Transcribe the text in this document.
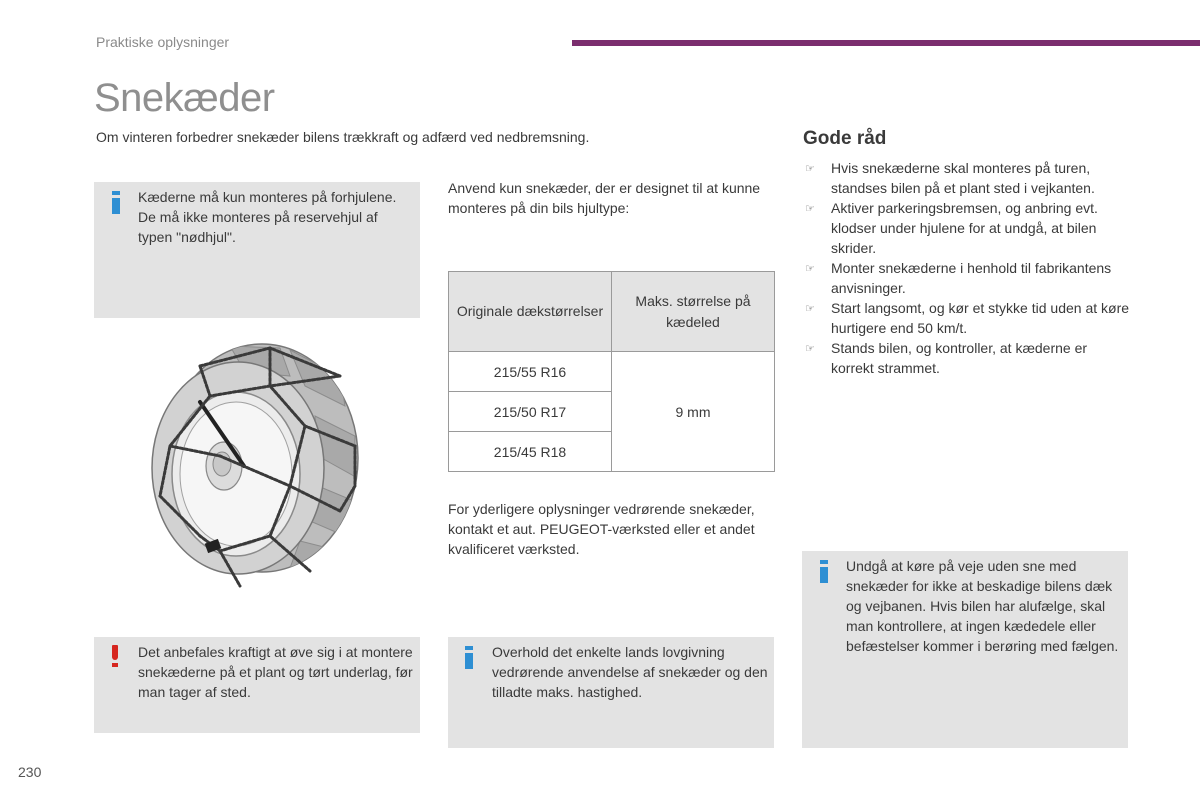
Praktiske oplysninger
Snekæder
Om vinteren forbedrer snekæder bilens trækkraft og adfærd ved nedbremsning.
Kæderne må kun monteres på forhjulene. De må ikke monteres på reservehjul af typen "nødhjul".
Det anbefales kraftigt at øve sig i at montere snekæderne på et plant og tørt underlag, før man tager af sted.
Anvend kun snekæder, der er designet til at kunne monteres på din bils hjultype:
Originale dækstørrelser	Maks. størrelse på kædeled
215/55 R16	9 mm
215/50 R17	
215/45 R18	
For yderligere oplysninger vedrørende snekæder, kontakt et aut. PEUGEOT-værksted eller et andet kvalificeret værksted.
Overhold det enkelte lands lovgivning vedrørende anvendelse af snekæder og den tilladte maks. hastighed.
Gode råd
☞ Hvis snekæderne skal monteres på turen, standses bilen på et plant sted i vejkanten.
☞ Aktiver parkeringsbremsen, og anbring evt. klodser under hjulene for at undgå, at bilen skrider.
☞ Monter snekæderne i henhold til fabrikantens anvisninger.
☞ Start langsomt, og kør et stykke tid uden at køre hurtigere end 50 km/t.
☞ Stands bilen, og kontroller, at kæderne er korrekt strammet.
Undgå at køre på veje uden sne med snekæder for ikke at beskadige bilens dæk og vejbanen. Hvis bilen har alufælge, skal man kontrollere, at ingen kædedele eller befæstelser kommer i berøring med fælgen.
230
